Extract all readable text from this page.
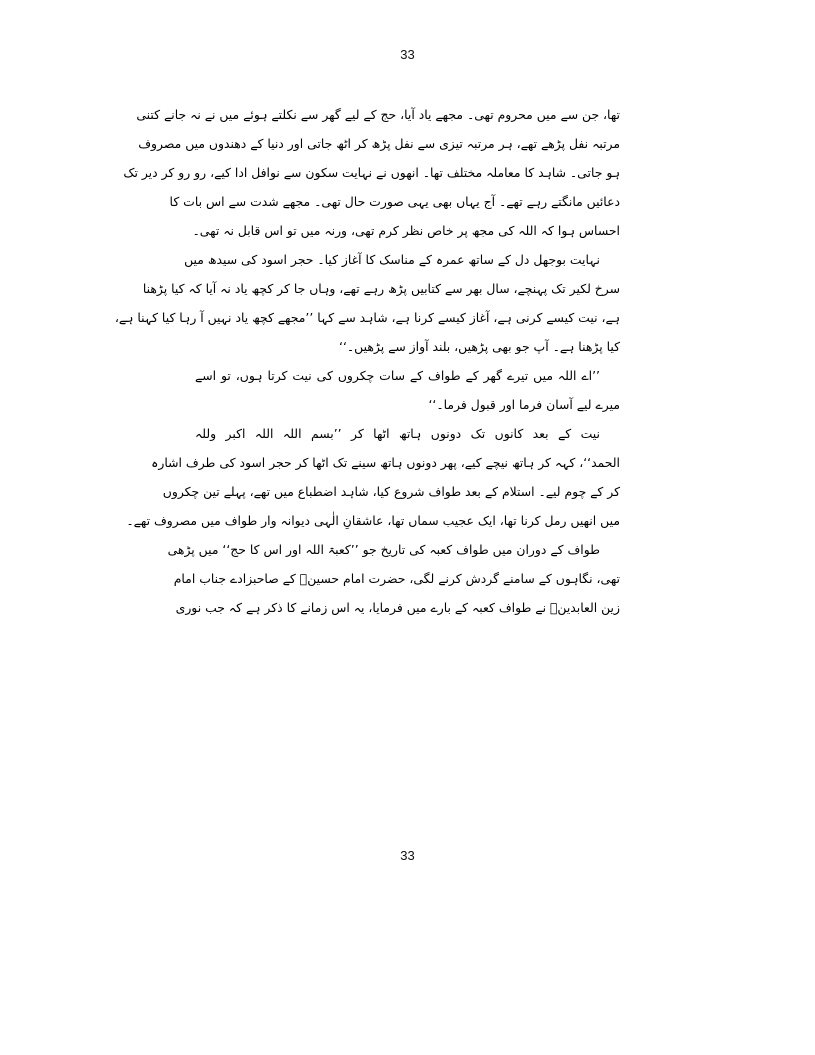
33
تھا، جن سے میں محروم تھی۔ مجھے یاد آیا، حج کے لیے گھر سے نکلتے ہوئے میں نے نہ جانے کتنی
مرتبہ نفل پڑھے تھے، ہر مرتبہ تیزی سے نفل پڑھ کر اٹھ جاتی اور دنیا کے دھندوں میں مصروف
ہو جاتی۔ شاہد کا معاملہ مختلف تھا۔ انھوں نے نہایت سکون سے نوافل ادا کیے، رو رو کر دیر تک
دعائیں مانگتے رہے تھے۔ آج یہاں بھی یہی صورت حال تھی۔ مجھے شدت سے اس بات کا
احساس ہوا کہ اللہ کی مجھ پر خاص نظر کرم تھی، ورنہ میں تو اس قابل نہ تھی۔
نہایت بوجھل دل کے ساتھ عمرہ کے مناسک کا آغاز کیا۔ حجر اسود کی سیدھ میں
سرخ لکیر تک پہنچے، سال بھر سے کتابیں پڑھ رہے تھے، وہاں جا کر کچھ یاد نہ آیا کہ کیا پڑھنا
ہے، نیت کیسے کرنی ہے، آغاز کیسے کرنا ہے، شاہد سے کہا ’’مجھے کچھ یاد نہیں آ رہا کیا کہنا ہے،
کیا پڑھنا ہے۔ آپ جو بھی پڑھیں، بلند آواز سے پڑھیں۔‘‘
’’اے اللہ میں تیرے گھر کے طواف کے سات چکروں کی نیت کرتا ہوں، تو اسے
میرے لیے آسان فرما اور قبول فرما۔‘‘
نیت کے بعد کانوں تک دونوں ہاتھ اٹھا کر ’’بسم اللہ اللہ اکبر وللہ
الحمد‘‘، کہہ کر ہاتھ نیچے کیے، پھر دونوں ہاتھ سینے تک اٹھا کر حجر اسود کی طرف اشارہ
کر کے چوم لیے۔ استلام کے بعد طواف شروع کیا، شاہد اضطباع میں تھے، پہلے تین چکروں
میں انھیں رمل کرنا تھا، ایک عجیب سماں تھا، عاشقانِ الٰہی دیوانہ وار طواف میں مصروف تھے۔
طواف کے دوران میں طواف کعبہ کی تاریخ جو ’’کعبۃ اللہ اور اس کا حج‘‘ میں پڑھی
تھی، نگاہوں کے سامنے گردش کرنے لگی، حضرت امام حسینؓ کے صاحبزادے جناب امام
زین العابدینؒ نے طواف کعبہ کے بارے میں فرمایا، یہ اس زمانے کا ذکر ہے کہ جب نوری
33
